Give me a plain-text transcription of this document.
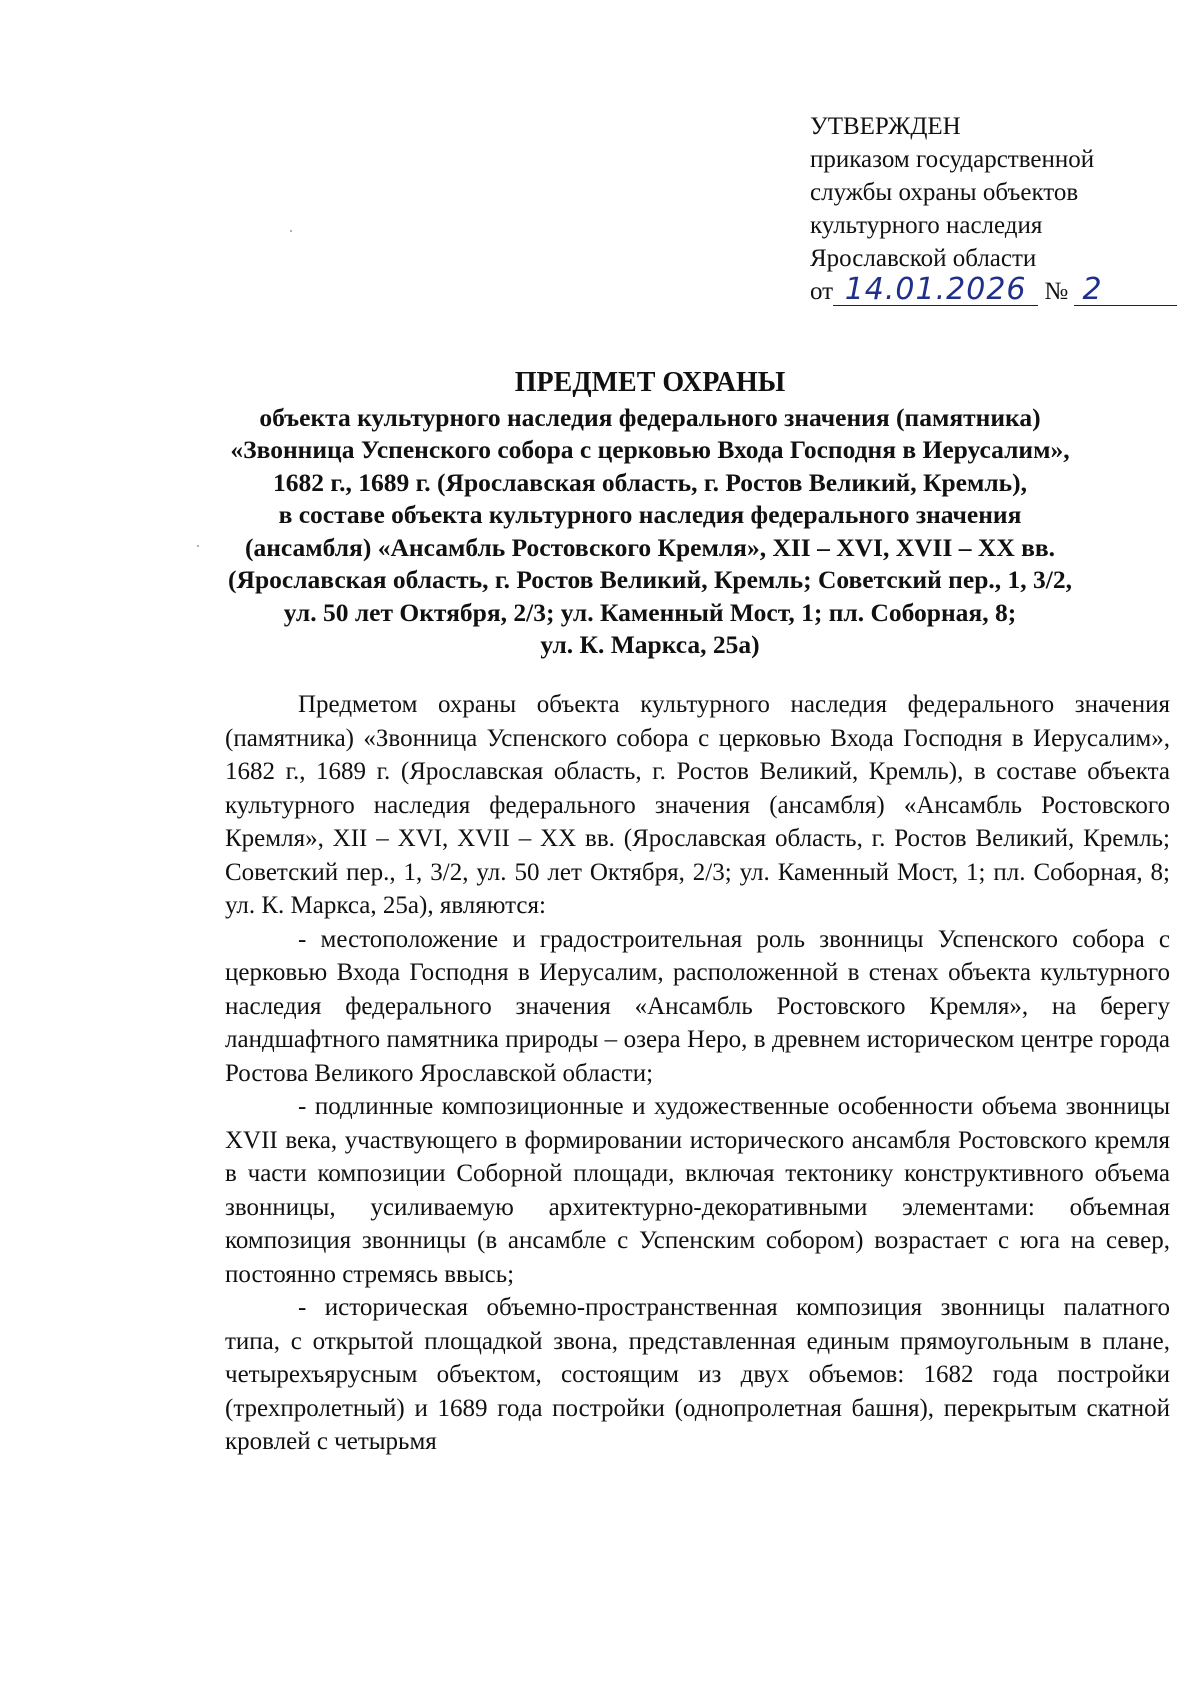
УТВЕРЖДЕН
приказом государственной
службы охраны объектов
культурного наследия
Ярославской области
от 14.01.2026 № 2
ПРЕДМЕТ ОХРАНЫ
объекта культурного наследия федерального значения (памятника)
«Звонница Успенского собора с церковью Входа Господня в Иерусалим»,
1682 г., 1689 г. (Ярославская область, г. Ростов Великий, Кремль),
в составе объекта культурного наследия федерального значения
(ансамбля) «Ансамбль Ростовского Кремля», XII – XVI, XVII – XX вв.
(Ярославская область, г. Ростов Великий, Кремль; Советский пер., 1, 3/2,
ул. 50 лет Октября, 2/3; ул. Каменный Мост, 1; пл. Соборная, 8;
ул. К. Маркса, 25а)

Предметом охраны объекта культурного наследия федерального значения (памятника) «Звонница Успенского собора с церковью Входа Господня в Иерусалим», 1682 г., 1689 г. (Ярославская область, г. Ростов Великий, Кремль), в составе объекта культурного наследия федерального значения (ансамбля) «Ансамбль Ростовского Кремля», XII – XVI, XVII – XX вв. (Ярославская область, г. Ростов Великий, Кремль; Советский пер., 1, 3/2, ул. 50 лет Октября, 2/3; ул. Каменный Мост, 1; пл. Соборная, 8; ул. К. Маркса, 25а), являются:

- местоположение и градостроительная роль звонницы Успенского собора с церковью Входа Господня в Иерусалим, расположенной в стенах объекта культурного наследия федерального значения «Ансамбль Ростовского Кремля», на берегу ландшафтного памятника природы – озера Неро, в древнем историческом центре города Ростова Великого Ярославской области;

- подлинные композиционные и художественные особенности объема звонницы XVII века, участвующего в формировании исторического ансамбля Ростовского кремля в части композиции Соборной площади, включая тектонику конструктивного объема звонницы, усиливаемую архитектурно-декоративными элементами: объемная композиция звонницы (в ансамбле с Успенским собором) возрастает с юга на север, постоянно стремясь ввысь;

- историческая объемно-пространственная композиция звонницы палатного типа, с открытой площадкой звона, представленная единым прямоугольным в плане, четырехъярусным объектом, состоящим из двух объемов: 1682 года постройки (трехпролетный) и 1689 года постройки (однопролетная башня), перекрытым скатной кровлей с четырьмя
